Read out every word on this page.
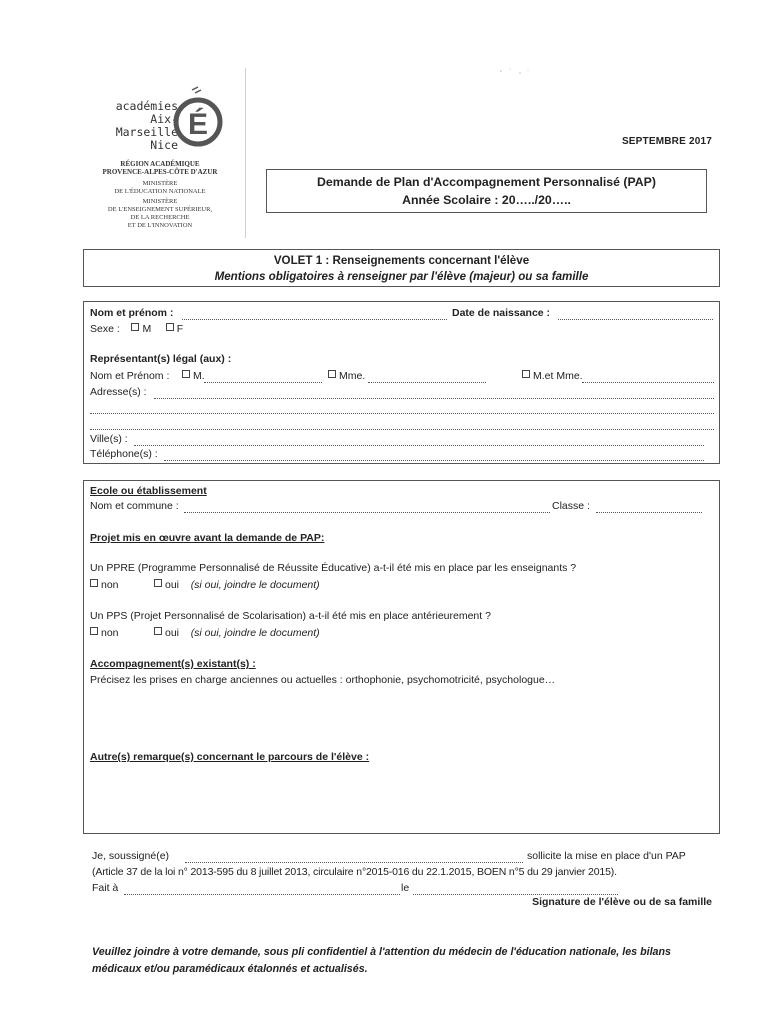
académies
Aix-Marseille
Nice
É
RÉGION ACADÉMIQUE
PROVENCE-ALPES-CÔTE D'AZUR
MINISTÈRE
DE L'ÉDUCATION NATIONALE
MINISTÈRE
DE L'ENSEIGNEMENT SUPÉRIEUR,
DE LA RECHERCHE
ET DE L'INNOVATION
SEPTEMBRE 2017
Demande de Plan d'Accompagnement Personnalisé (PAP)
Année Scolaire : 20…../20…..
VOLET 1 : Renseignements concernant l'élève
Mentions obligatoires à renseigner par l'élève (majeur) ou sa famille
Nom et prénom :	Date de naissance :
Sexe : M F
Représentant(s) légal (aux) :
Nom et Prénom :	M.	Mme.	M.et Mme.
Adresse(s) :
Ville(s) :
Téléphone(s) :
Ecole ou établissement
Nom et commune :	Classe :
Projet mis en œuvre avant la demande de PAP:
Un PPRE (Programme Personnalisé de Réussite Éducative) a-t-il été mis en place par les enseignants ?
non	oui (si oui, joindre le document)
Un PPS (Projet Personnalisé de Scolarisation) a-t-il été mis en place antérieurement ?
non	oui (si oui, joindre le document)
Accompagnement(s) existant(s) :
Précisez les prises en charge anciennes ou actuelles : orthophonie, psychomotricité, psychologue…
Autre(s) remarque(s) concernant le parcours de l'élève :
Je, soussigné(e)	sollicite la mise en place d'un PAP
(Article 37 de la loi n° 2013-595 du 8 juillet 2013, circulaire n°2015-016 du 22.1.2015, BOEN n°5 du 29 janvier 2015).
Fait à	le
Signature de l'élève ou de sa famille
Veuillez joindre à votre demande, sous pli confidentiel à l'attention du médecin de l'éducation nationale, les bilans médicaux et/ou paramédicaux étalonnés et actualisés.
